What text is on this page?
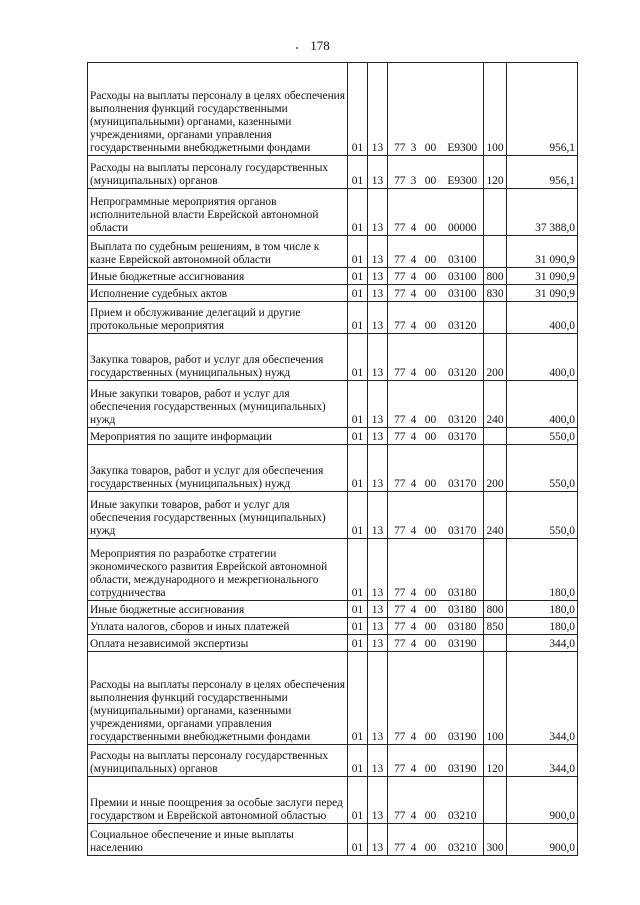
178
Расходы на выплаты персоналу в целях обеспечения выполнения функций государственными (муниципальными) органами, казенными учреждениями, органами управления государственными внебюджетными фондами	01	13	77	3	00	Е9300	100	956,1
Расходы на выплаты персоналу государственных (муниципальных) органов	01	13	77	3	00	Е9300	120	956,1
Непрограммные мероприятия органов исполнительной власти Еврейской автономной области	01	13	77	4	00	00000		37 388,0
Выплата по судебным решениям, в том числе к казне Еврейской автономной области	01	13	77	4	00	03100		31 090,9
Иные бюджетные ассигнования	01	13	77	4	00	03100	800	31 090,9
Исполнение судебных актов	01	13	77	4	00	03100	830	31 090,9
Прием и обслуживание делегаций и другие протокольные мероприятия	01	13	77	4	00	03120		400,0
Закупка товаров, работ и услуг для обеспечения государственных (муниципальных) нужд	01	13	77	4	00	03120	200	400,0
Иные закупки товаров, работ и услуг для обеспечения государственных (муниципальных) нужд	01	13	77	4	00	03120	240	400,0
Мероприятия по защите информации	01	13	77	4	00	03170		550,0
Закупка товаров, работ и услуг для обеспечения государственных (муниципальных) нужд	01	13	77	4	00	03170	200	550,0
Иные закупки товаров, работ и услуг для обеспечения государственных (муниципальных) нужд	01	13	77	4	00	03170	240	550,0
Мероприятия по разработке стратегии экономического развития Еврейской автономной области, международного и межрегионального сотрудничества	01	13	77	4	00	03180		180,0
Иные бюджетные ассигнования	01	13	77	4	00	03180	800	180,0
Уплата налогов, сборов и иных платежей	01	13	77	4	00	03180	850	180,0
Оплата независимой экспертизы	01	13	77	4	00	03190		344,0
Расходы на выплаты персоналу в целях обеспечения выполнения функций государственными (муниципальными) органами, казенными учреждениями, органами управления государственными внебюджетными фондами	01	13	77	4	00	03190	100	344,0
Расходы на выплаты персоналу государственных (муниципальных) органов	01	13	77	4	00	03190	120	344,0
Премии и иные поощрения за особые заслуги перед государством и Еврейской автономной областью	01	13	77	4	00	03210		900,0
Социальное обеспечение и иные выплаты населению	01	13	77	4	00	03210	300	900,0
